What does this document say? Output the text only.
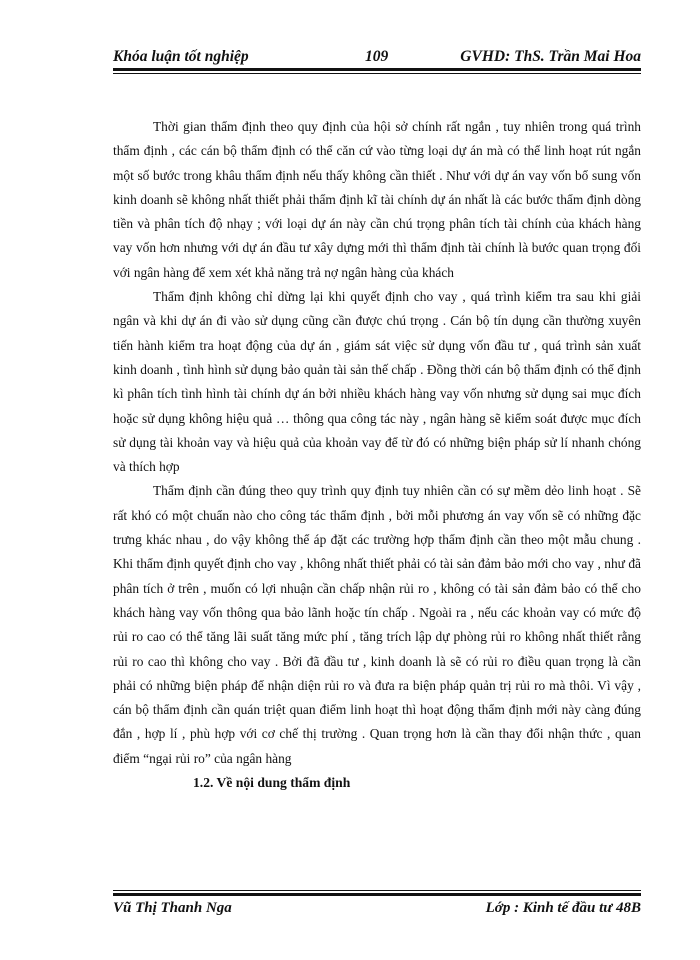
Khóa luận tốt nghiệp	109	GVHD: ThS. Trần Mai Hoa

Thời gian thẩm định theo quy định của hội sở chính rất ngắn , tuy nhiên trong quá trình thẩm định , các cán bộ thẩm định có thể căn cứ vào từng loại dự án mà có thể linh hoạt rút ngắn một số bước trong khâu thẩm định nếu thấy không cần thiết . Như với dự án vay vốn bổ sung vốn kinh doanh sẽ không nhất thiết phải thẩm định kĩ tài chính dự án nhất là các bước thẩm định dòng tiền và phân tích độ nhạy ; với loại dự án này cần chú trọng phân tích tài chính của khách hàng vay vốn hơn nhưng với dự án đầu tư xây dựng mới thì thẩm định tài chính là bước quan trọng đối với ngân hàng để xem xét khả năng trả nợ ngân hàng của khách

Thẩm định không chỉ dừng lại khi quyết định cho vay , quá trình kiểm tra sau khi giải ngân và khi dự án đi vào sử dụng cũng cần được chú trọng . Cán bộ tín dụng cần thường xuyên tiến hành kiểm tra hoạt động của dự án , giám sát việc sử dụng vốn đầu tư , quá trình sản xuất kinh doanh , tình hình sử dụng bảo quản tài sản thế chấp . Đồng thời cán bộ thẩm định có thể định kì phân tích tình hình tài chính dự án bởi nhiều khách hàng vay vốn nhưng sử dụng sai mục đích hoặc sử dụng không hiệu quả … thông qua công tác này , ngân hàng sẽ kiểm soát được mục đích sử dụng tài khoản vay và hiệu quả của khoản vay để từ đó có những biện pháp sử lí nhanh chóng và thích hợp

Thẩm định cần đúng theo quy trình quy định tuy nhiên cần có sự mềm dẻo linh hoạt . Sẽ rất khó có một chuẩn nào cho công tác thẩm định , bởi mỗi phương án vay vốn sẽ có những đặc trưng khác nhau , do vậy không thể áp đặt các trường hợp thẩm định cần theo một mẫu chung . Khi thẩm định quyết định cho vay , không nhất thiết phải có tài sản đảm bảo mới cho vay , như đã phân tích ở trên , muốn có lợi nhuận cần chấp nhận rủi ro , không có tài sản đảm bảo có thể cho khách hàng vay vốn thông qua bảo lãnh hoặc tín chấp . Ngoài ra , nếu các khoản vay có mức độ rủi ro cao có thể tăng lãi suất tăng mức phí , tăng trích lập dự phòng rủi ro không nhất thiết rằng rủi ro cao thì không cho vay . Bởi đã đầu tư , kinh doanh là sẽ có rủi ro điều quan trọng là cần phải có những biện pháp để nhận diện rủi ro và đưa ra biện pháp quản trị rủi ro mà thôi. Vì vậy , cán bộ thẩm định cần quán triệt quan điểm linh hoạt thì hoạt động thẩm định mới này càng đúng đắn , hợp lí , phù hợp với cơ chế thị trường . Quan trọng hơn là cần thay đổi nhận thức , quan điểm “ngại rủi ro” của ngân hàng

1.2. Về nội dung thẩm định

Vũ Thị Thanh Nga	Lớp : Kinh tế đầu tư 48B
